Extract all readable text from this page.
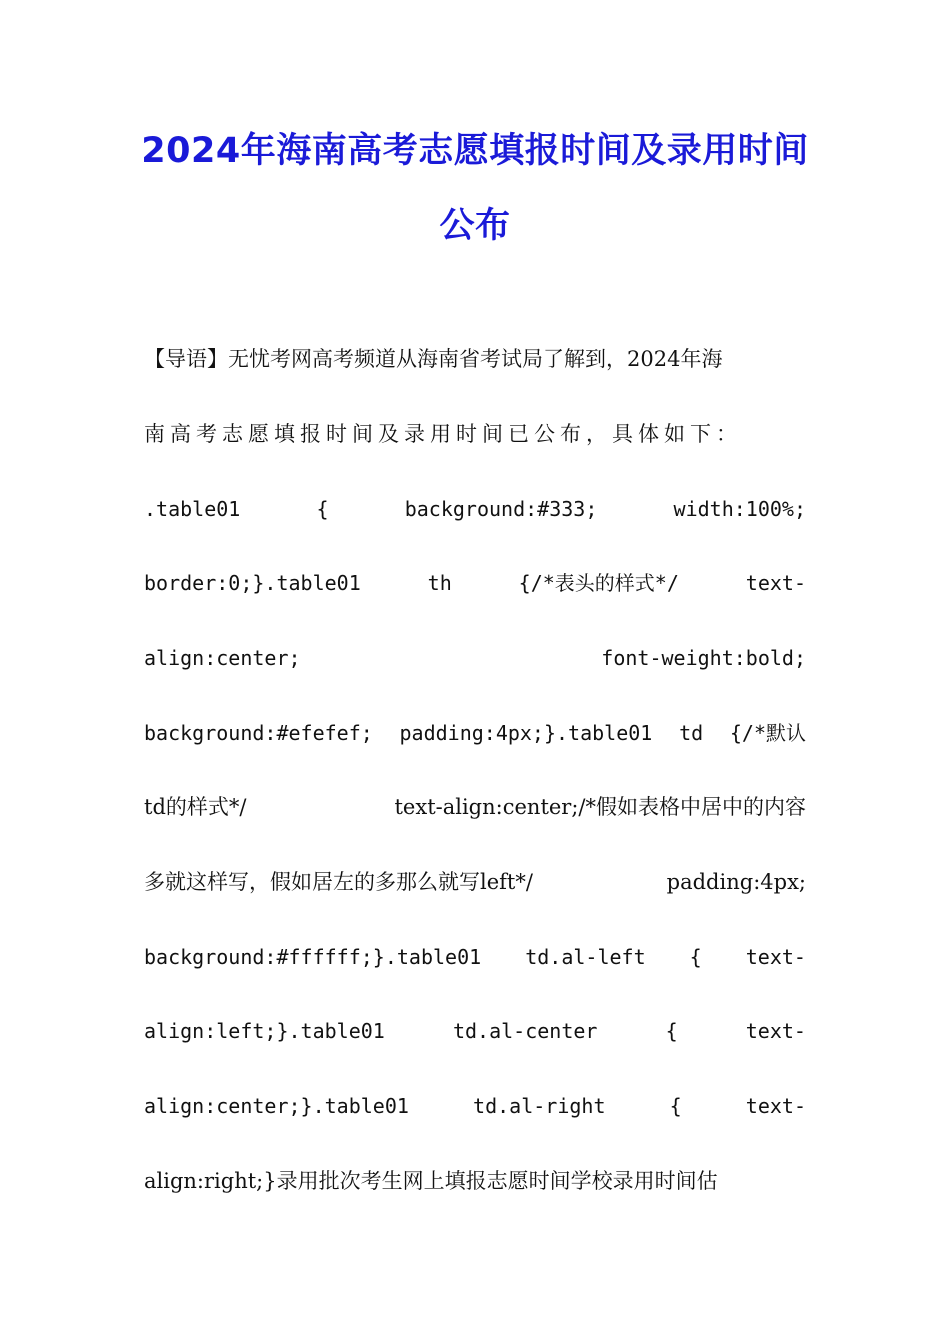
2024年海南高考志愿填报时间及录用时间
公布
【导语】无忧考网高考频道从海南省考试局了解到，2024年海
南高考志愿填报时间及录用时间已公布，具体如下：
.table01	{	background:#333;	width:100%;
border:0;}.table01	th	{/*表头的样式*/	text-
align:center;	font-weight:bold;
background:#efefef; padding:4px;}.table01 td {/*默认
td的样式*/	text-align:center;/*假如表格中居中的内容
多就这样写，假如居左的多那么就写left*/	padding:4px;
background:#ffffff;}.table01 td.al-left { text-
align:left;}.table01	td.al-center	{	text-
align:center;}.table01	td.al-right	{	text-
align:right;}录用批次考生网上填报志愿时间学校录用时间估
